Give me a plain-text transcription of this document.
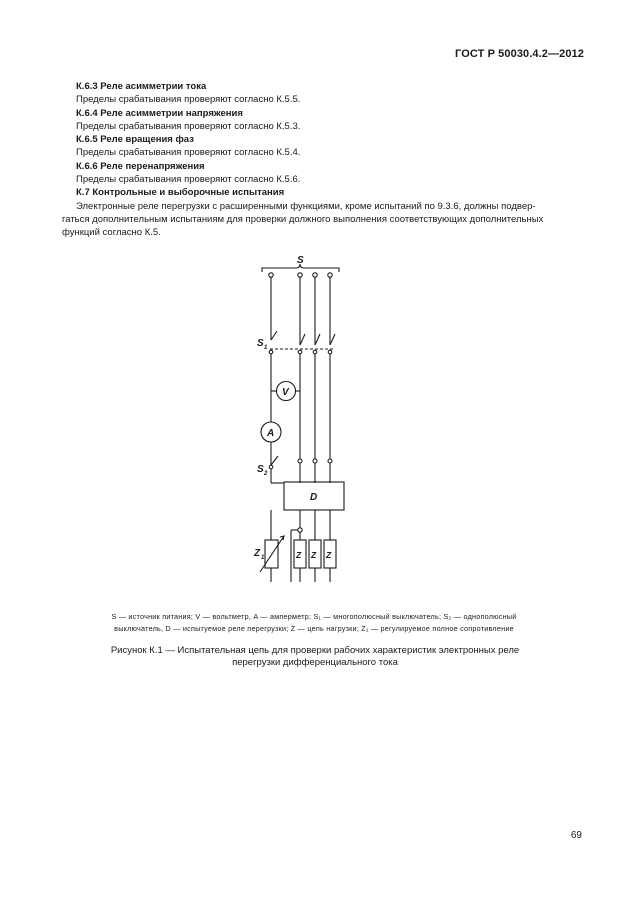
ГОСТ Р 50030.4.2—2012
К.6.3 Реле асимметрии тока
Пределы срабатывания проверяют согласно К.5.5.
К.6.4 Реле асимметрии напряжения
Пределы срабатывания проверяют согласно К.5.3.
К.6.5 Реле вращения фаз
Пределы срабатывания проверяют согласно К.5.4.
К.6.6 Реле перенапряжения
Пределы срабатывания проверяют согласно К.5.6.
К.7 Контрольные и выборочные испытания
Электронные реле перегрузки с расширенными функциями, кроме испытаний по 9.3.6, должны подвер-
гаться дополнительным испытаниям для проверки должного выполнения соответствующих дополнительных
функций согласно К.5.
S
S 1
V
A
S 2
D
Z 1	Z Z Z
S — источник питания; V — вольтметр, A — амперметр; S₁ — многополюсный выключатель; S₂ — однополюсный
выключатель, D — испытуемое реле перегрузки; Z — цепь нагрузки; Z₁ — регулируемое полное сопротивление
Рисунок К.1 — Испытательная цепь для проверки рабочих характеристик электронных реле
перегрузки дифференциального тока
69
